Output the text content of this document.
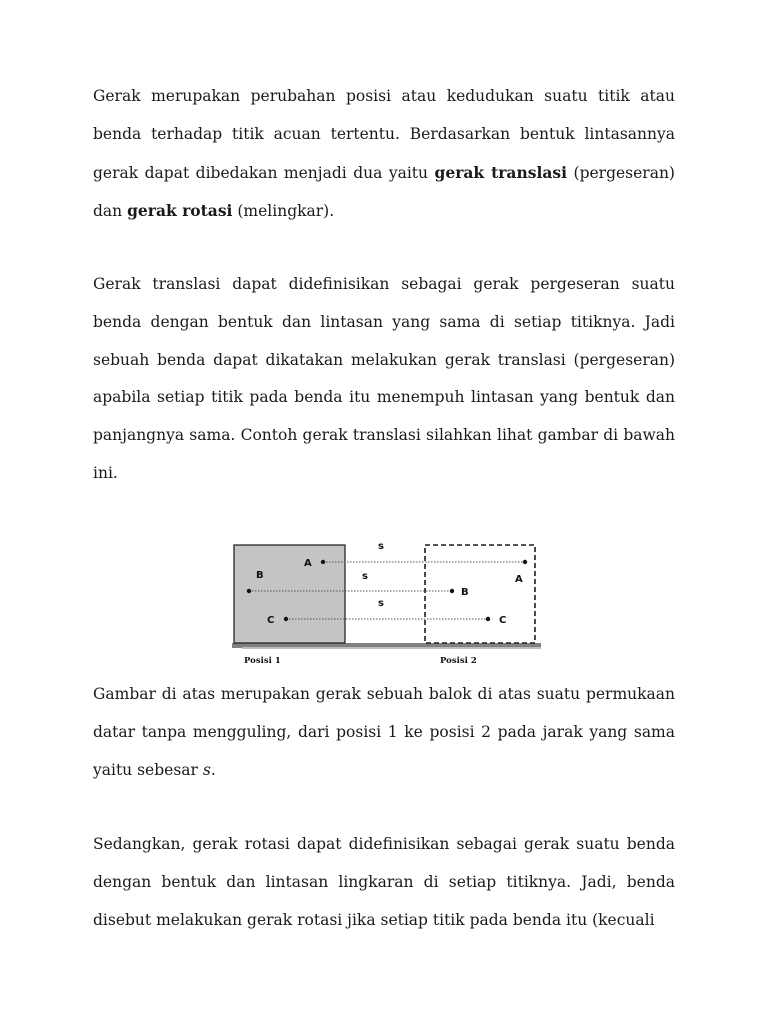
Gerak merupakan perubahan posisi atau kedudukan suatu titik atau benda terhadap titik acuan tertentu. Berdasarkan bentuk lintasannya gerak dapat dibedakan menjadi dua yaitu gerak translasi (pergeseran) dan gerak rotasi (melingkar).

Gerak translasi dapat didefinisikan sebagai gerak pergeseran suatu benda dengan bentuk dan lintasan yang sama di setiap titiknya. Jadi sebuah benda dapat dikatakan melakukan gerak translasi (pergeseran) apabila setiap titik pada benda itu menempuh lintasan yang bentuk dan panjangnya sama. Contoh gerak translasi silahkan lihat gambar di bawah ini.

A
A
B
B
C	C
s
s
s
Posisi 1	Posisi 2

Gambar di atas merupakan gerak sebuah balok di atas suatu permukaan datar tanpa mengguling, dari posisi 1 ke posisi 2 pada jarak yang sama yaitu sebesar s.

Sedangkan, gerak rotasi dapat didefinisikan sebagai gerak suatu benda dengan bentuk dan lintasan lingkaran di setiap titiknya. Jadi, benda disebut melakukan gerak rotasi jika setiap titik pada benda itu (kecuali
